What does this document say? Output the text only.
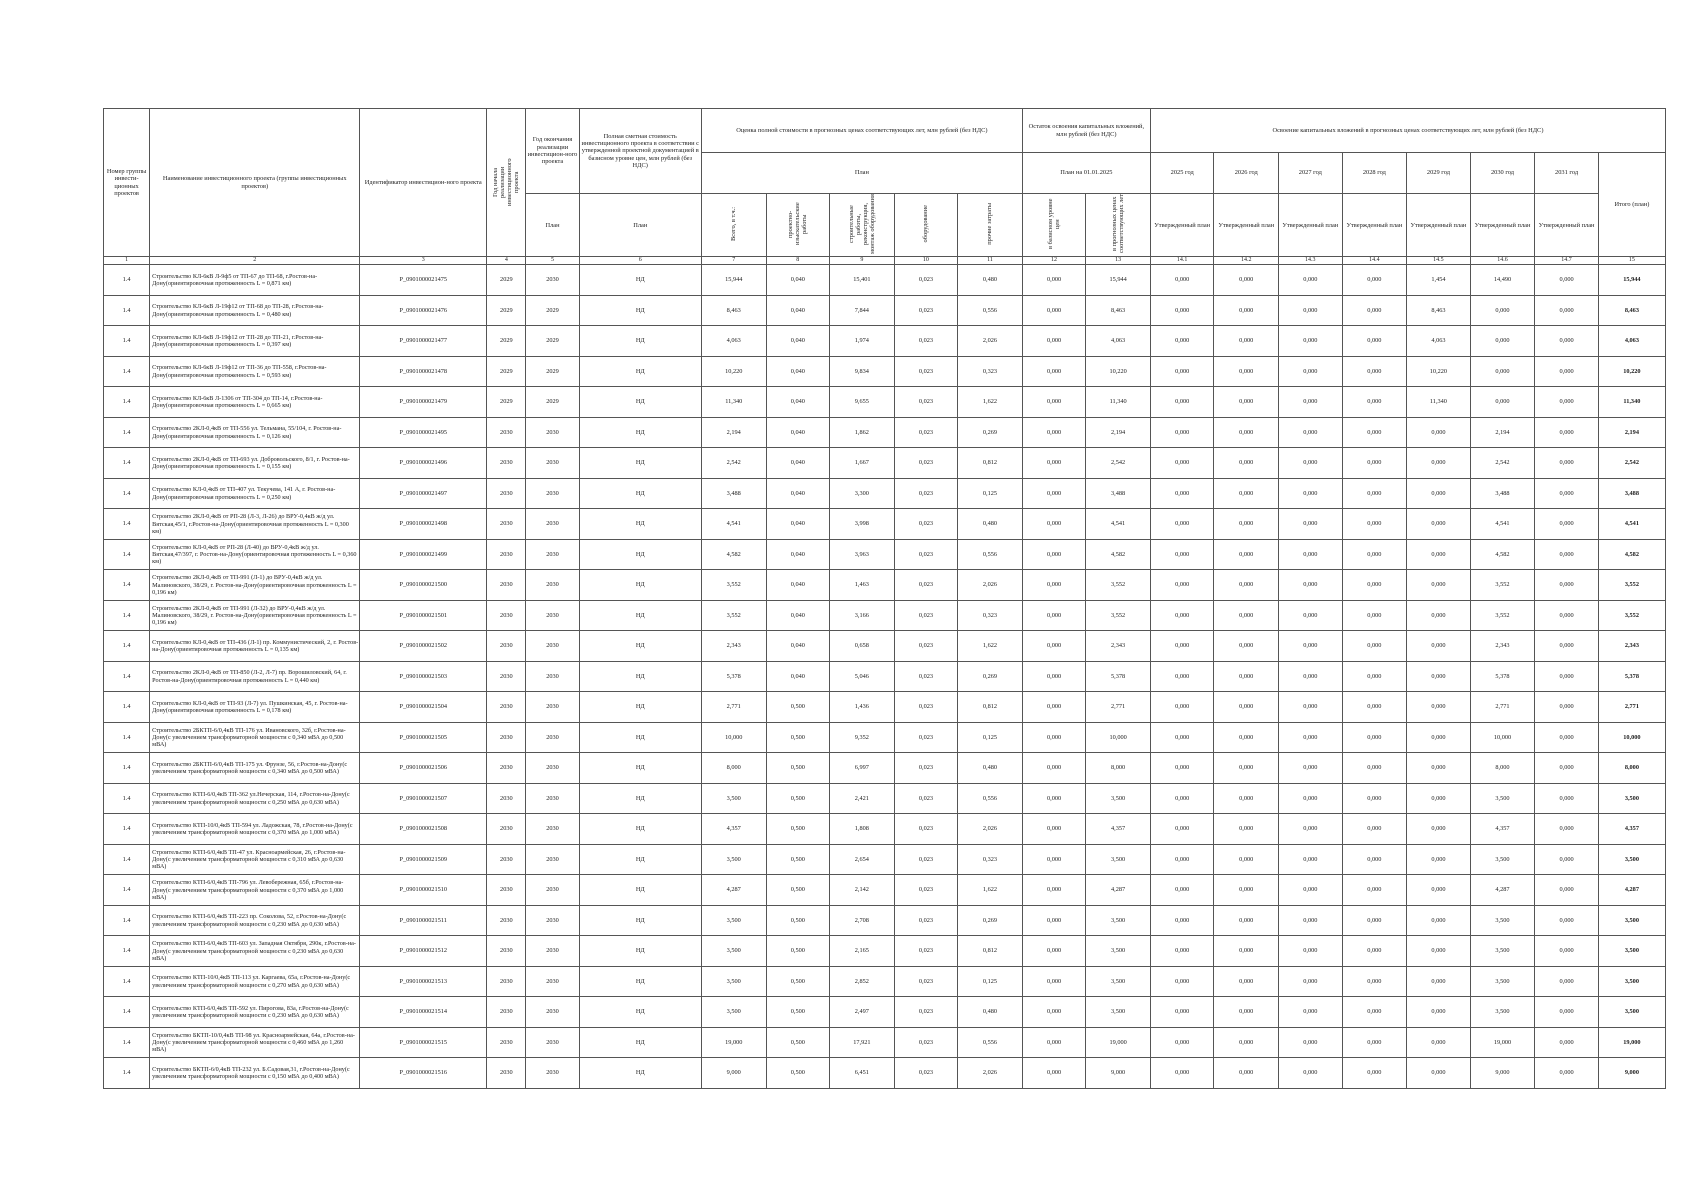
Номер группы инвести-ционных проектов	Наименование инвестиционного проекта (группы инвестиционных проектов)	Идентификатор инвестицион-ного проекта	Год начала реализации инвестиционного проекта	Год окончания реализации инвестицион-ного проекта	Полная сметная стоимость инвестиционного проекта в соответствии с утвержденной проектной документацией в базисном уровне цен, млн рублей (без НДС)	Оценка полной стоимости в прогнозных ценах соответствующих лет, млн рублей (без НДС)					Остаток освоения капитальных вложений, млн рублей (без НДС)		Освоение капитальных вложений в прогнозных ценах соответствующих лет, млн рублей (без НДС)							
						План					План на 01.01.2025		2025 год	2026 год	2027 год	2028 год	2029 год	2030 год	2031 год	Итого (план)
				План	План	Всего, в т.ч.:	проектно-изыскательские работы	строительные работы, реконструкция, монтаж оборудования	оборудование	прочие затраты	в базисном уровне цен	в прогнозных ценах соответствующих лет	Утвержденный план	Утвержденный план	Утвержденный план	Утвержденный план	Утвержденный план	Утвержденный план	Утвержденный план	
1	2	3	4	5	6	7	8	9	10	11	12	13	14.1	14.2	14.3	14.4	14.5	14.6	14.7	15
1.4	Строительство КЛ-6кВ Л-9ф5 от ТП-67 до ТП-68, г.Ростов-на-Дону(ориентировочная протяженность L = 0,871 км)	Р_0901000021475	2029	2030	НД	15,944	0,040	15,401	0,023	0,480	0,000	15,944	0,000	0,000	0,000	0,000	1,454	14,490	0,000	15,944
1.4	Строительство КЛ-6кВ Л-19ф12 от ТП-68 до ТП-28, г.Ростов-на-Дону(ориентировочная протяженность L = 0,480 км)	Р_0901000021476	2029	2029	НД	8,463	0,040	7,844	0,023	0,556	0,000	8,463	0,000	0,000	0,000	0,000	8,463	0,000	0,000	8,463
1.4	Строительство КЛ-6кВ Л-19ф12 от ТП-28 до ТП-21, г.Ростов-на-Дону(ориентировочная протяженность L = 0,397 км)	Р_0901000021477	2029	2029	НД	4,063	0,040	1,974	0,023	2,026	0,000	4,063	0,000	0,000	0,000	0,000	4,063	0,000	0,000	4,063
1.4	Строительство КЛ-6кВ Л-19ф12 от ТП-36 до ТП-558, г.Ростов-на-Дону(ориентировочная протяженность L = 0,593 км)	Р_0901000021478	2029	2029	НД	10,220	0,040	9,834	0,023	0,323	0,000	10,220	0,000	0,000	0,000	0,000	10,220	0,000	0,000	10,220
1.4	Строительство КЛ-6кВ Л-1306 от ТП-304 до ТП-14, г.Ростов-на-Дону(ориентировочная протяженность L = 0,665 км)	Р_0901000021479	2029	2029	НД	11,340	0,040	9,655	0,023	1,622	0,000	11,340	0,000	0,000	0,000	0,000	11,340	0,000	0,000	11,340
1.4	Строительство 2КЛ-0,4кВ от ТП-556 ул. Тельмана, 55/104, г. Ростов-на-Дону(ориентировочная протяженность L = 0,126 км)	Р_0901000021495	2030	2030	НД	2,194	0,040	1,862	0,023	0,269	0,000	2,194	0,000	0,000	0,000	0,000	0,000	2,194	0,000	2,194
1.4	Строительство 2КЛ-0,4кВ от ТП-693 ул. Добровольского, 8/1, г. Ростов-на-Дону(ориентировочная протяженность L = 0,155 км)	Р_0901000021496	2030	2030	НД	2,542	0,040	1,667	0,023	0,812	0,000	2,542	0,000	0,000	0,000	0,000	0,000	2,542	0,000	2,542
1.4	Строительство КЛ-0,4кВ от ТП-407 ул. Текучева, 141 А, г. Ростов-на-Дону(ориентировочная протяженность L = 0,250 км)	Р_0901000021497	2030	2030	НД	3,488	0,040	3,300	0,023	0,125	0,000	3,488	0,000	0,000	0,000	0,000	0,000	3,488	0,000	3,488
1.4	Строительство 2КЛ-0,4кВ от РП-28 (Л-3, Л-26) до ВРУ-0,4кВ ж/д ул. Вятская,45/1, г.Ростов-на-Дону(ориентировочная протяженность L = 0,300 км)	Р_0901000021498	2030	2030	НД	4,541	0,040	3,998	0,023	0,480	0,000	4,541	0,000	0,000	0,000	0,000	0,000	4,541	0,000	4,541
1.4	Строительство КЛ-0,4кВ от РП-28 (Л-40) до ВРУ-0,4кВ ж/д ул. Вятская,47/397, г. Ростов-на-Дону(ориентировочная протяженность L = 0,360 км)	Р_0901000021499	2030	2030	НД	4,582	0,040	3,963	0,023	0,556	0,000	4,582	0,000	0,000	0,000	0,000	0,000	4,582	0,000	4,582
1.4	Строительство 2КЛ-0,4кВ от ТП-991 (Л-1) до ВРУ-0,4кВ ж/д ул. Малиновского, 38/29, г. Ростов-на-Дону(ориентировочная протяженность L = 0,196 км)	Р_0901000021500	2030	2030	НД	3,552	0,040	1,463	0,023	2,026	0,000	3,552	0,000	0,000	0,000	0,000	0,000	3,552	0,000	3,552
1.4	Строительство 2КЛ-0,4кВ от ТП-991 (Л-32) до ВРУ-0,4кВ ж/д ул. Малиновского, 38/29, г. Ростов-на-Дону(ориентировочная протяженность L = 0,196 км)	Р_0901000021501	2030	2030	НД	3,552	0,040	3,166	0,023	0,323	0,000	3,552	0,000	0,000	0,000	0,000	0,000	3,552	0,000	3,552
1.4	Строительство КЛ-0,4кВ от ТП-436 (Л-1) пр. Коммунистический, 2, г. Ростов-на-Дону(ориентировочная протяженность L = 0,135 км)	Р_0901000021502	2030	2030	НД	2,343	0,040	0,658	0,023	1,622	0,000	2,343	0,000	0,000	0,000	0,000	0,000	2,343	0,000	2,343
1.4	Строительство 2КЛ-0,4кВ от ТП-850 (Л-2, Л-7) пр. Ворошиловский, 64, г. Ростов-на-Дону(ориентировочная протяженность L = 0,440 км)	Р_0901000021503	2030	2030	НД	5,378	0,040	5,046	0,023	0,269	0,000	5,378	0,000	0,000	0,000	0,000	0,000	5,378	0,000	5,378
1.4	Строительство КЛ-0,4кВ от ТП-93 (Л-7) ул. Пушкинская, 45, г. Ростов-на-Дону(ориентировочная протяженность L = 0,178 км)	Р_0901000021504	2030	2030	НД	2,771	0,500	1,436	0,023	0,812	0,000	2,771	0,000	0,000	0,000	0,000	0,000	2,771	0,000	2,771
1.4	Строительство 2БКТП-6/0,4кВ ТП-176 ул. Ивановского, 32б, г.Ростов-на-Дону(с увеличением трансформаторной мощности с 0,340 мВА до 0,500 мВА)	Р_0901000021505	2030	2030	НД	10,000	0,500	9,352	0,023	0,125	0,000	10,000	0,000	0,000	0,000	0,000	0,000	10,000	0,000	10,000
1.4	Строительство 2БКТП-6/0,4кВ ТП-175 ул. Фрунзе, 56, г.Ростов-на-Дону(с увеличением трансформаторной мощности с 0,340 мВА до 0,500 мВА)	Р_0901000021506	2030	2030	НД	8,000	0,500	6,997	0,023	0,480	0,000	8,000	0,000	0,000	0,000	0,000	0,000	8,000	0,000	8,000
1.4	Строительство КТП-6/0,4кВ ТП-362 ул.Нечерская, 114, г.Ростов-на-Дону(с увеличением трансформаторной мощности с 0,250 мВА до 0,630 мВА)	Р_0901000021507	2030	2030	НД	3,500	0,500	2,421	0,023	0,556	0,000	3,500	0,000	0,000	0,000	0,000	0,000	3,500	0,000	3,500
1.4	Строительство КТП-10/0,4кВ ТП-594 ул. Ладожская, 78, г.Ростов-на-Дону(с увеличением трансформаторной мощности с 0,370 мВА до 1,000 мВА)	Р_0901000021508	2030	2030	НД	4,357	0,500	1,808	0,023	2,026	0,000	4,357	0,000	0,000	0,000	0,000	0,000	4,357	0,000	4,357
1.4	Строительство КТП-6/0,4кВ ТП-47 ул. Красноармейская, 26, г.Ростов-на-Дону(с увеличением трансформаторной мощности с 0,310 мВА до 0,630 мВА)	Р_0901000021509	2030	2030	НД	3,500	0,500	2,654	0,023	0,323	0,000	3,500	0,000	0,000	0,000	0,000	0,000	3,500	0,000	3,500
1.4	Строительство КТП-6/0,4кВ ТП-796 ул. Левобережная, 65б, г.Ростов-на-Дону(с увеличением трансформаторной мощности с 0,370 мВА до 1,000 мВА)	Р_0901000021510	2030	2030	НД	4,287	0,500	2,142	0,023	1,622	0,000	4,287	0,000	0,000	0,000	0,000	0,000	4,287	0,000	4,287
1.4	Строительство КТП-6/0,4кВ ТП-223 пр. Соколова, 52, г.Ростов-на-Дону(с увеличением трансформаторной мощности с 0,230 мВА до 0,630 мВА)	Р_0901000021511	2030	2030	НД	3,500	0,500	2,708	0,023	0,269	0,000	3,500	0,000	0,000	0,000	0,000	0,000	3,500	0,000	3,500
1.4	Строительство КТП-6/0,4кВ ТП-603 ул. Западная Октября, 290к, г.Ростов-на-Дону(с увеличением трансформаторной мощности с 0,230 мВА до 0,630 мВА)	Р_0901000021512	2030	2030	НД	3,500	0,500	2,165	0,023	0,812	0,000	3,500	0,000	0,000	0,000	0,000	0,000	3,500	0,000	3,500
1.4	Строительство КТП-10/0,4кВ ТП-113 ул. Каргаева, 65а, г.Ростов-на-Дону(с увеличением трансформаторной мощности с 0,270 мВА до 0,630 мВА)	Р_0901000021513	2030	2030	НД	3,500	0,500	2,852	0,023	0,125	0,000	3,500	0,000	0,000	0,000	0,000	0,000	3,500	0,000	3,500
1.4	Строительство КТП-6/0,4кВ ТП-592 ул. Пирогова, 83а, г.Ростов-на-Дону(с увеличением трансформаторной мощности с 0,230 мВА до 0,630 мВА)	Р_0901000021514	2030	2030	НД	3,500	0,500	2,497	0,023	0,480	0,000	3,500	0,000	0,000	0,000	0,000	0,000	3,500	0,000	3,500
1.4	Строительство БКТП-10/0,4кВ ТП-98 ул. Красноармейская, 64а, г.Ростов-на-Дону(с увеличением трансформаторной мощности с 0,460 мВА до 1,260 мВА)	Р_0901000021515	2030	2030	НД	19,000	0,500	17,921	0,023	0,556	0,000	19,000	0,000	0,000	0,000	0,000	0,000	19,000	0,000	19,000
1.4	Строительство БКТП-6/0,4кВ ТП-232 ул. Б.Садовая,31, г.Ростов-на-Дону(с увеличением трансформаторной мощности с 0,150 мВА до 0,400 мВА)	Р_0901000021516	2030	2030	НД	9,000	0,500	6,451	0,023	2,026	0,000	9,000	0,000	0,000	0,000	0,000	0,000	9,000	0,000	9,000
